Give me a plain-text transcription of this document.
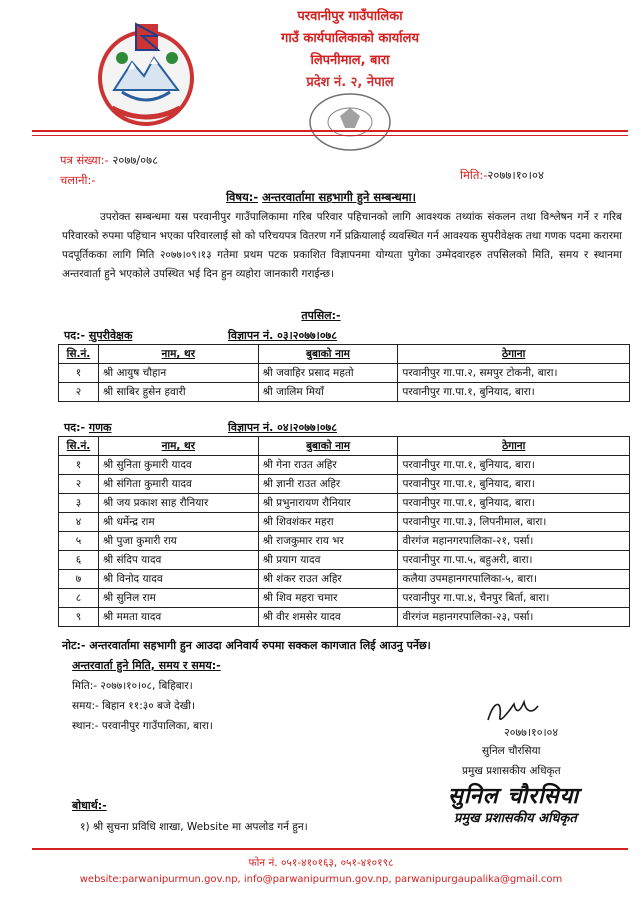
परवानीपुर गाउँपालिका
गाउँ कार्यपालिकाको कार्यालय
लिपनीमाल, बारा
प्रदेश नं. २, नेपाल
पत्र संख्या:- २०७७/०७८
चलानी:-	मिति:-२०७७।१०।०४
विषय:- अन्तरवार्तामा सहभागी हुने सम्बन्धमा।
उपरोक्त सम्बन्धमा यस परवानीपुर गाउँपालिकामा गरिब परिवार पहिचानको लागि आवश्यक तथ्यांक संकलन तथा विश्लेषन गर्ने र गरिब परिवारको रुपमा पहिचान भएका परिवारलाई सो को परिचयपत्र वितरण गर्ने प्रक्रियालाई व्यवस्थित गर्न आवश्यक सुपरीवेक्षक तथा गणक पदमा करारमा पदपूर्तिकका लागि मिति २०७७।०९।१३ गतेमा प्रथम पटक प्रकाशित विज्ञापनमा योग्यता पुगेका उम्मेदवारहरु तपसिलको मिति, समय र स्थानमा अन्तरवार्ता हुने भएकोले उपस्थित भई दिन हुन व्यहोरा जानकारी गराईन्छ।
तपसिल:-
पद:- सुपरीवेक्षक	विज्ञापन नं. ०३।२०७७।०७८
सि.नं.	नाम, थर	बुबाको नाम	ठेगाना
१	श्री आयुष चौहान	श्री जवाहिर प्रसाद महतो	परवानीपुर गा.पा.२, समपुर टोकनी, बारा।
२	श्री साबिर हुसेन हवारी	श्री जालिम मियाँ	परवानीपुर गा.पा.१, बुनियाद, बारा।
पद:- गणक	विज्ञापन नं. ०४।२०७७।०७८
सि.नं.	नाम, थर	बुबाको नाम	ठेगाना
१	श्री सुनिता कुमारी यादव	श्री गेना राउत अहिर	परवानीपुर गा.पा.१, बुनियाद, बारा।
२	श्री संगिता कुमारी यादव	श्री ज्ञानी राउत अहिर	परवानीपुर गा.पा.१, बुनियाद, बारा।
३	श्री जय प्रकाश साह रौनियार	श्री प्रभुनारायण रौनियार	परवानीपुर गा.पा.१, बुनियाद, बारा।
४	श्री धर्मेन्द्र राम	श्री शिवशंकर महरा	परवानीपुर गा.पा.३, लिपनीमाल, बारा।
५	श्री पुजा कुमारी राय	श्री राजकुमार राय भर	वीरगंज महानगरपालिका-२१, पर्सा।
६	श्री संदिप यादव	श्री प्रयाग यादव	परवानीपुर गा.पा.५, बहुअरी, बारा।
७	श्री विनोद यादव	श्री शंकर राउत अहिर	कलैया उपमहानगरपालिका-५, बारा।
८	श्री सुनिल राम	श्री शिव महरा चमार	परवानीपुर गा.पा.४, चैनपुर बिर्ता, बारा।
९	श्री ममता यादव	श्री वीर शमसेर यादव	वीरगंज महानगरपालिका-२३, पर्सा।
नोट:- अन्तरवार्तामा सहभागी हुन आउदा अनिवार्य रुपमा सक्कल कागजात लिई आउनु पर्नेछ।
अन्तरवार्ता हुने मिति, समय र समय:-
मिति:- २०७७।१०।०८, बिहिबार।
समय:- बिहान ११:३० बजे देखी।
स्थान:- परवानीपुर गाउँपालिका, बारा।	२०७७।१०।०४
सुनिल चौरसिया
प्रमुख प्रशासकीय अधिकृत
सुनिल चौरसिया
प्रमुख प्रशासकीय अधिकृत
बोधार्थ:-
१) श्री सुचना प्रविधि शाखा, Website मा अपलोड गर्न हुन।
फोन नं. ०५१-४१०१६३, ०५१-४१०१९८
website:parwanipurmun.gov.np, info@parwanipurmun.gov.np, parwanipurgaupalika@gmail.com
